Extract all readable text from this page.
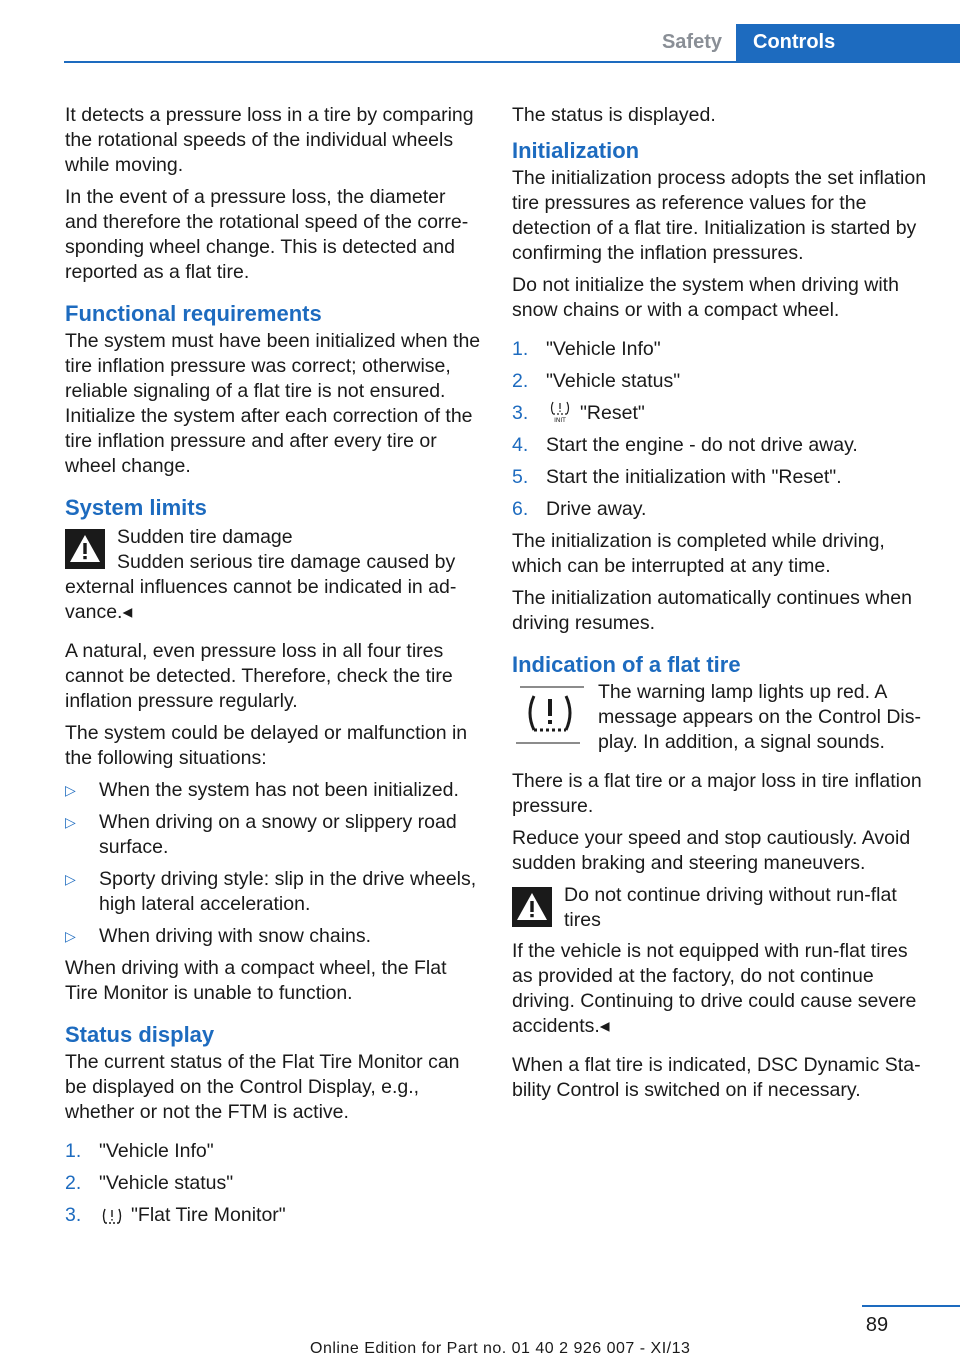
Safety	Controls

It detects a pressure loss in a tire by comparing the rotational speeds of the individual wheels while moving.

In the event of a pressure loss, the diameter and therefore the rotational speed of the corresponding wheel change. This is detected and reported as a flat tire.

Functional requirements

The system must have been initialized when the tire inflation pressure was correct; otherwise, reliable signaling of a flat tire is not ensured. Initialize the system after each correction of the tire inflation pressure and after every tire or wheel change.

System limits
Sudden tire damage
Sudden serious tire damage caused by external influences cannot be indicated in advance.◂

A natural, even pressure loss in all four tires cannot be detected. Therefore, check the tire inflation pressure regularly.

The system could be delayed or malfunction in the following situations:

▷ When the system has not been initialized.
▷ When driving on a snowy or slippery road surface.
▷ Sporty driving style: slip in the drive wheels, high lateral acceleration.
▷ When driving with snow chains.

When driving with a compact wheel, the Flat Tire Monitor is unable to function.

Status display

The current status of the Flat Tire Monitor can be displayed on the Control Display, e.g., whether or not the FTM is active.

1. "Vehicle Info"
2. "Vehicle status"
3.	"Flat Tire Monitor"

The status is displayed.

Initialization

The initialization process adopts the set inflation tire pressures as reference values for the detection of a flat tire. Initialization is started by confirming the inflation pressures.

Do not initialize the system when driving with snow chains or with a compact wheel.

1. "Vehicle Info"
2. "Vehicle status"
3.	INIT "Reset"
4. Start the engine - do not drive away.
5. Start the initialization with "Reset".
6. Drive away.

The initialization is completed while driving, which can be interrupted at any time.

The initialization automatically continues when driving resumes.

Indication of a flat tire
The warning lamp lights up red. A message appears on the Control Display. In addition, a signal sounds.

There is a flat tire or a major loss in tire inflation pressure.

Reduce your speed and stop cautiously. Avoid sudden braking and steering maneuvers.

Do not continue driving without run-flat tires
If the vehicle is not equipped with run-flat tires as provided at the factory, do not continue driving. Continuing to drive could cause severe accidents.◂

When a flat tire is indicated, DSC Dynamic Stability Control is switched on if necessary.

89
Online Edition for Part no. 01 40 2 926 007 - XI/13
